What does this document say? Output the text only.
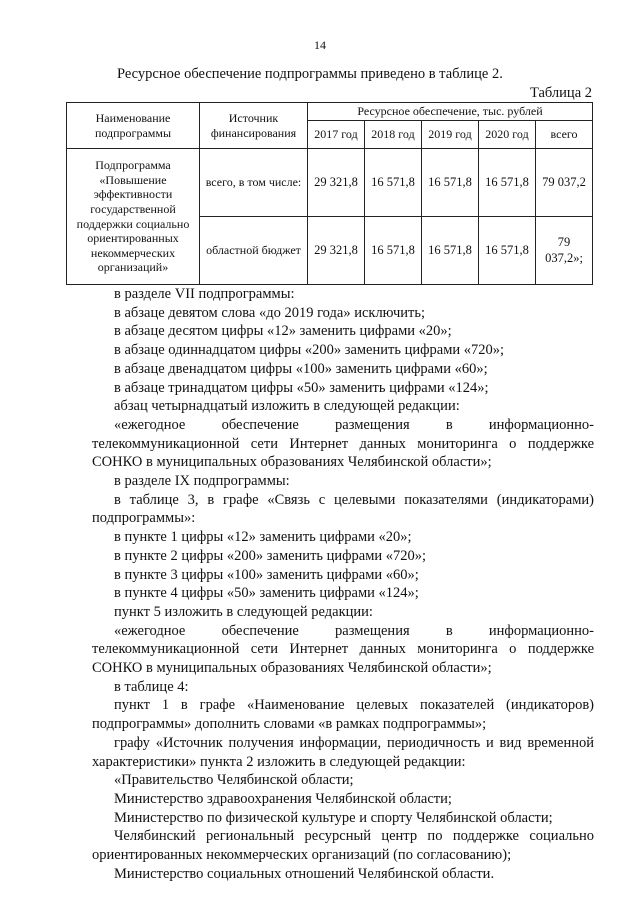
14
Ресурсное обеспечение подпрограммы приведено в таблице 2.
Таблица 2
Наименование подпрограммы	Источник финансирования	Ресурсное обеспечение, тыс. рублей				
		2017 год	2018 год	2019 год	2020 год	всего
Подпрограмма «Повышение эффективности государственной поддержки социально ориентированных некоммерческих организаций»	всего, в том числе:	29 321,8	16 571,8	16 571,8	16 571,8	79 037,2
	областной бюджет	29 321,8	16 571,8	16 571,8	16 571,8	79 037,2»;

в разделе VII подпрограммы:

в абзаце девятом слова «до 2019 года» исключить;

в абзаце десятом цифры «12» заменить цифрами «20»;

в абзаце одиннадцатом цифры «200» заменить цифрами «720»;

в абзаце двенадцатом цифры «100» заменить цифрами «60»;

в абзаце тринадцатом цифры «50» заменить цифрами «124»;

абзац четырнадцатый изложить в следующей редакции:

«ежегодное обеспечение размещения в информационно-телекоммуникационной сети Интернет данных мониторинга о поддержке СОНКО в муниципальных образованиях Челябинской области»;

в разделе IX подпрограммы:

в таблице 3, в графе «Связь с целевыми показателями (индикаторами) подпрограммы»:

в пункте 1 цифры «12» заменить цифрами «20»;

в пункте 2 цифры «200» заменить цифрами «720»;

в пункте 3 цифры «100» заменить цифрами «60»;

в пункте 4 цифры «50» заменить цифрами «124»;

пункт 5 изложить в следующей редакции:

«ежегодное обеспечение размещения в информационно-телекоммуникационной сети Интернет данных мониторинга о поддержке СОНКО в муниципальных образованиях Челябинской области»;

в таблице 4:

пункт 1 в графе «Наименование целевых показателей (индикаторов) подпрограммы» дополнить словами «в рамках подпрограммы»;

графу «Источник получения информации, периодичность и вид временной характеристики» пункта 2 изложить в следующей редакции:

«Правительство Челябинской области;

Министерство здравоохранения Челябинской области;

Министерство по физической культуре и спорту Челябинской области;

Челябинский региональный ресурсный центр по поддержке социально ориентированных некоммерческих организаций (по согласованию);

Министерство социальных отношений Челябинской области.
